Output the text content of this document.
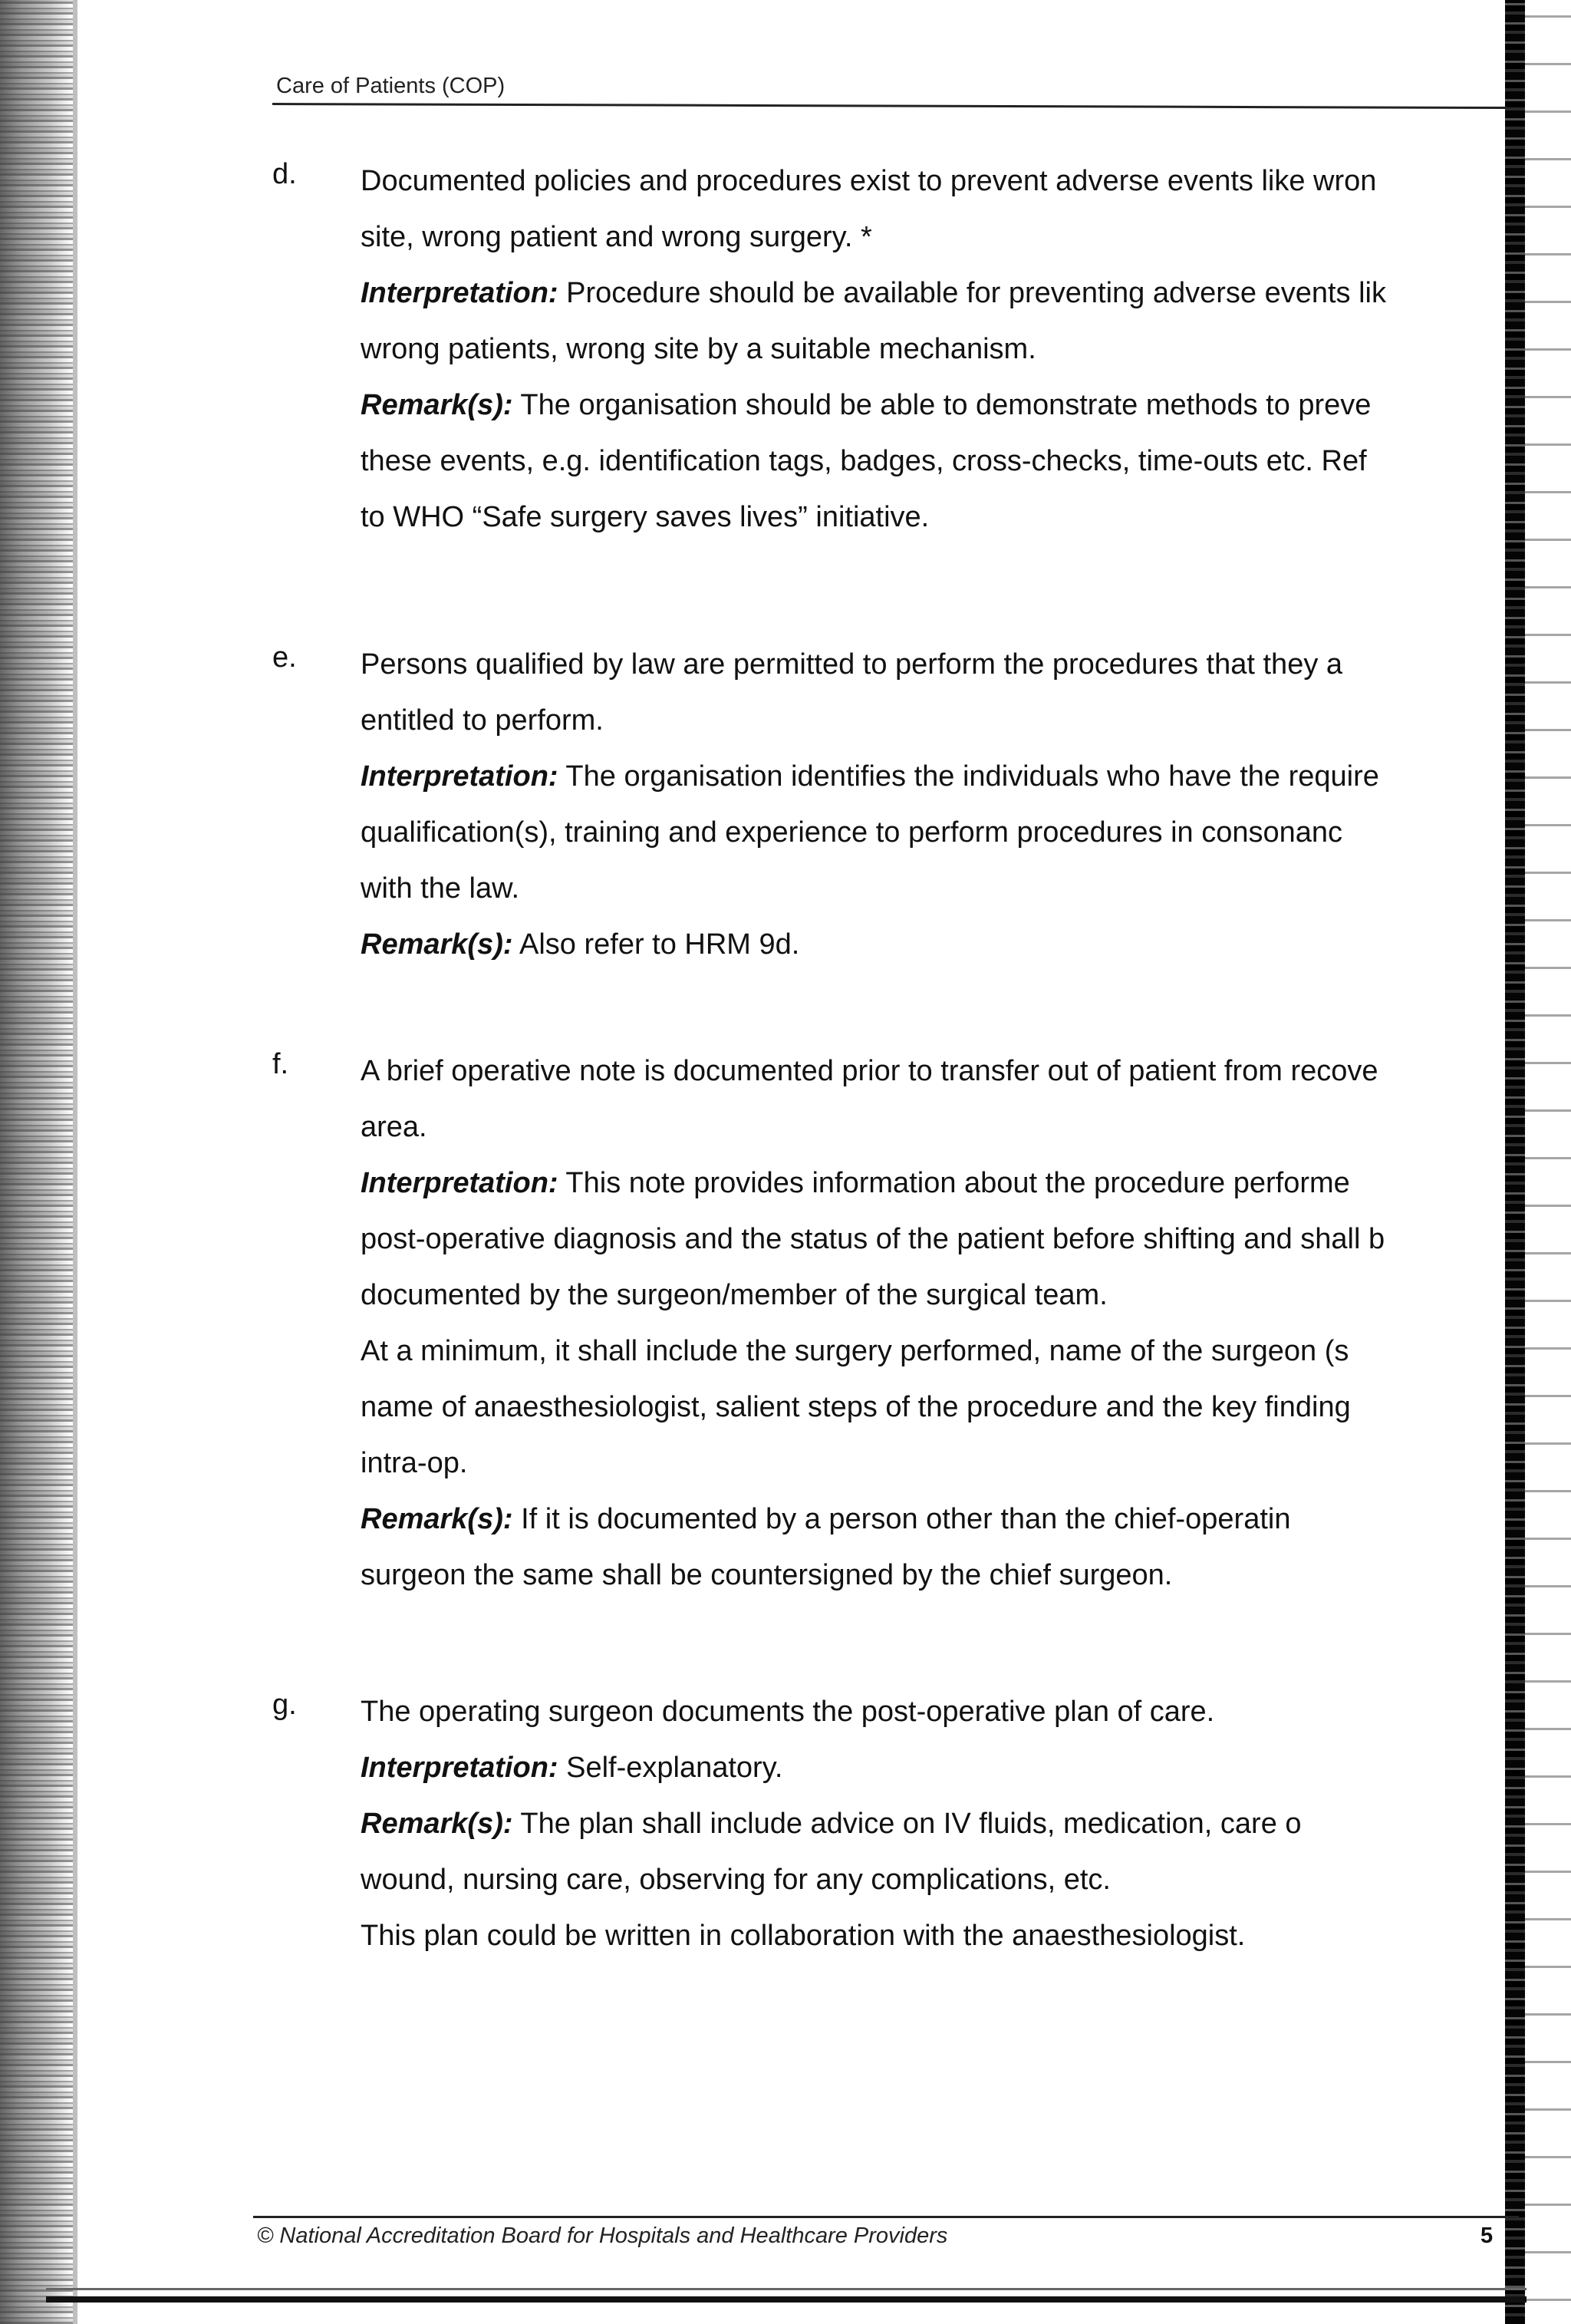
Care of Patients (COP)
d. Documented policies and procedures exist to prevent adverse events like wron
site, wrong patient and wrong surgery. *
Interpretation: Procedure should be available for preventing adverse events lik
wrong patients, wrong site by a suitable mechanism.
Remark(s): The organisation should be able to demonstrate methods to preve
these events, e.g. identification tags, badges, cross-checks, time-outs etc. Ref
to WHO “Safe surgery saves lives” initiative.
e. Persons qualified by law are permitted to perform the procedures that they a
entitled to perform.
Interpretation: The organisation identifies the individuals who have the require
qualification(s), training and experience to perform procedures in consonanc
with the law.
Remark(s): Also refer to HRM 9d.
f. A brief operative note is documented prior to transfer out of patient from recove
area.
Interpretation: This note provides information about the procedure performe
post-operative diagnosis and the status of the patient before shifting and shall b
documented by the surgeon/member of the surgical team.
At a minimum, it shall include the surgery performed, name of the surgeon (s
name of anaesthesiologist, salient steps of the procedure and the key finding
intra-op.
Remark(s): If it is documented by a person other than the chief-operatin
surgeon the same shall be countersigned by the chief surgeon.
g. The operating surgeon documents the post-operative plan of care.
Interpretation: Self-explanatory.
Remark(s): The plan shall include advice on IV fluids, medication, care o
wound, nursing care, observing for any complications, etc.
This plan could be written in collaboration with the anaesthesiologist.
© National Accreditation Board for Hospitals and Healthcare Providers	5
